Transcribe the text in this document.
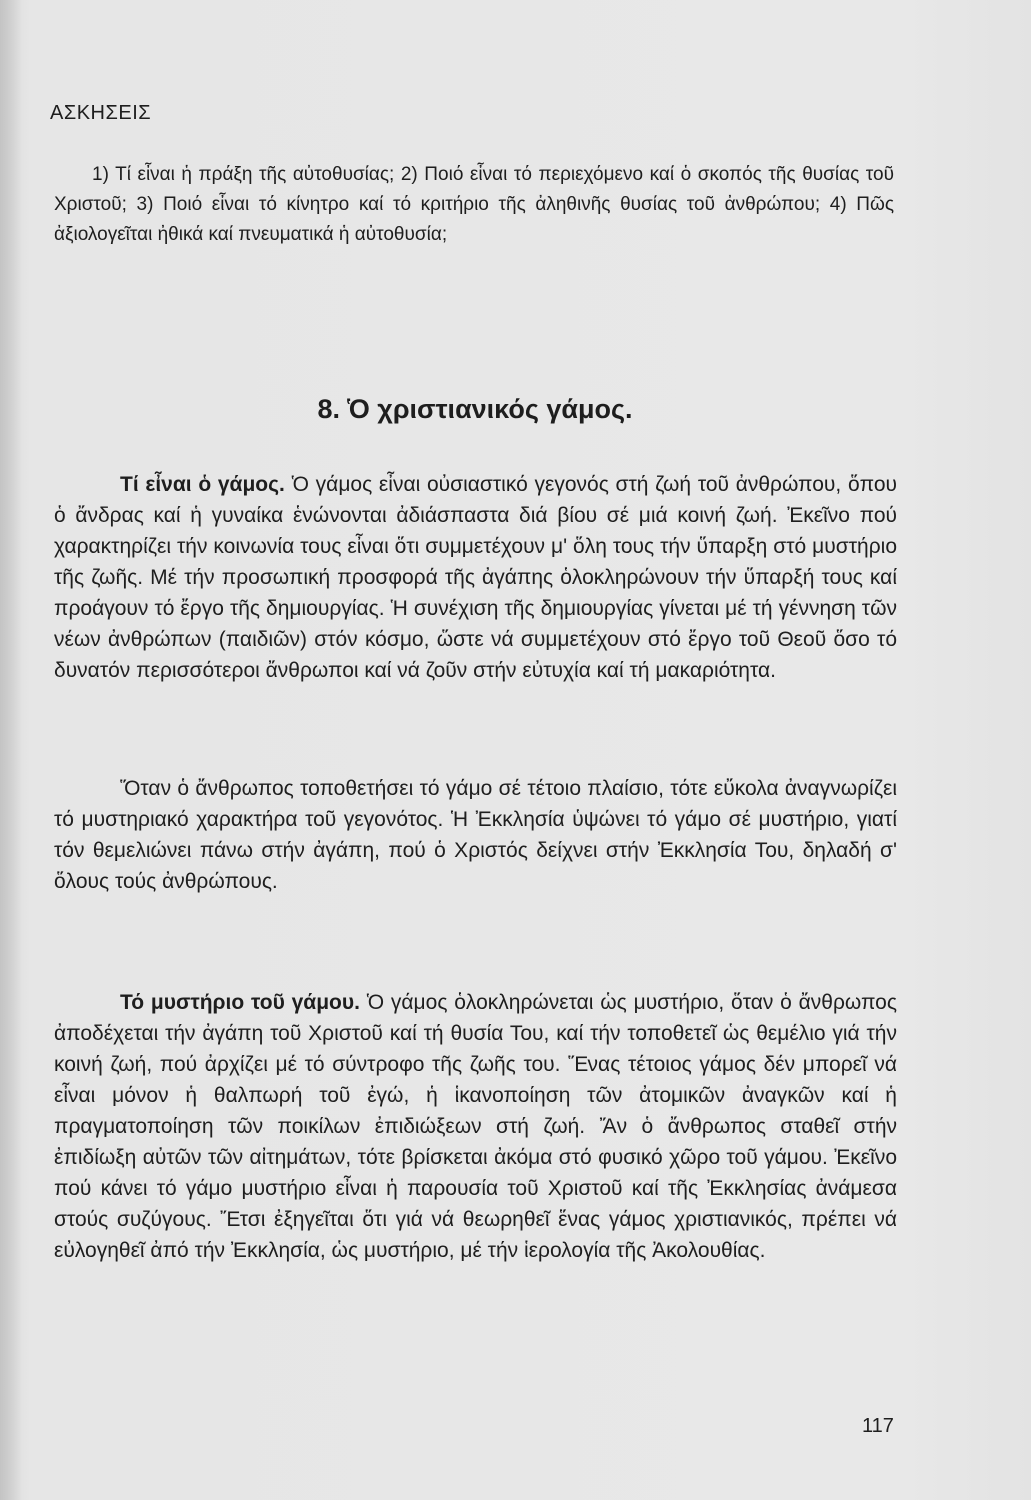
ΑΣΚΗΣΕΙΣ

1) Τί εἶναι ἡ πράξη τῆς αὐτοθυσίας; 2) Ποιό εἶναι τό περιεχόμενο καί ὁ σκοπός τῆς θυσίας τοῦ Χριστοῦ; 3) Ποιό εἶναι τό κίνητρο καί τό κριτήριο τῆς ἀληθινῆς θυσίας τοῦ ἀνθρώπου; 4) Πῶς ἀξιολογεῖται ἠθικά καί πνευματικά ἡ αὐτοθυσία;

8. Ὁ χριστιανικός γάμος.

Τί εἶναι ὁ γάμος. Ὁ γάμος εἶναι οὐσιαστικό γεγονός στή ζωή τοῦ ἀνθρώπου, ὅπου ὁ ἄνδρας καί ἡ γυναίκα ἑνώνονται ἀδιάσπαστα διά βίου σέ μιά κοινή ζωή. Ἐκεῖνο πού χαρακτηρίζει τήν κοινωνία τους εἶναι ὅτι συμμετέχουν μ' ὅλη τους τήν ὕπαρξη στό μυστήριο τῆς ζωῆς. Μέ τήν προσωπική προσφορά τῆς ἀγάπης ὁλοκληρώνουν τήν ὕπαρξή τους καί προάγουν τό ἔργο τῆς δημιουργίας. Ἡ συνέχιση τῆς δημιουργίας γίνεται μέ τή γέννηση τῶν νέων ἀνθρώπων (παιδιῶν) στόν κόσμο, ὥστε νά συμμετέχουν στό ἔργο τοῦ Θεοῦ ὅσο τό δυνατόν περισσότεροι ἄνθρωποι καί νά ζοῦν στήν εὐτυχία καί τή μακαριότητα.

Ὅταν ὁ ἄνθρωπος τοποθετήσει τό γάμο σέ τέτοιο πλαίσιο, τότε εὔκολα ἀναγνωρίζει τό μυστηριακό χαρακτήρα τοῦ γεγονότος. Ἡ Ἐκκλησία ὑψώνει τό γάμο σέ μυστήριο, γιατί τόν θεμελιώνει πάνω στήν ἀγάπη, πού ὁ Χριστός δείχνει στήν Ἐκκλησία Του, δηλαδή σ' ὅλους τούς ἀνθρώπους.

Τό μυστήριο τοῦ γάμου. Ὁ γάμος ὁλοκληρώνεται ὡς μυστήριο, ὅταν ὁ ἄνθρωπος ἀποδέχεται τήν ἀγάπη τοῦ Χριστοῦ καί τή θυσία Του, καί τήν τοποθετεῖ ὡς θεμέλιο γιά τήν κοινή ζωή, πού ἀρχίζει μέ τό σύντροφο τῆς ζωῆς του. Ἕνας τέτοιος γάμος δέν μπορεῖ νά εἶναι μόνον ἡ θαλπωρή τοῦ ἐγώ, ἡ ἱκανοποίηση τῶν ἀτομικῶν ἀναγκῶν καί ἡ πραγματοποίηση τῶν ποικίλων ἐπιδιώξεων στή ζωή. Ἄν ὁ ἄνθρωπος σταθεῖ στήν ἐπιδίωξη αὐτῶν τῶν αἰτημάτων, τότε βρίσκεται ἀκόμα στό φυσικό χῶρο τοῦ γάμου. Ἐκεῖνο πού κάνει τό γάμο μυστήριο εἶναι ἡ παρουσία τοῦ Χριστοῦ καί τῆς Ἐκκλησίας ἀνάμεσα στούς συζύγους. Ἔτσι ἐξηγεῖται ὅτι γιά νά θεωρηθεῖ ἕνας γάμος χριστιανικός, πρέπει νά εὐλογηθεῖ ἀπό τήν Ἐκκλησία, ὡς μυστήριο, μέ τήν ἱερολογία τῆς Ἀκολουθίας.

117
